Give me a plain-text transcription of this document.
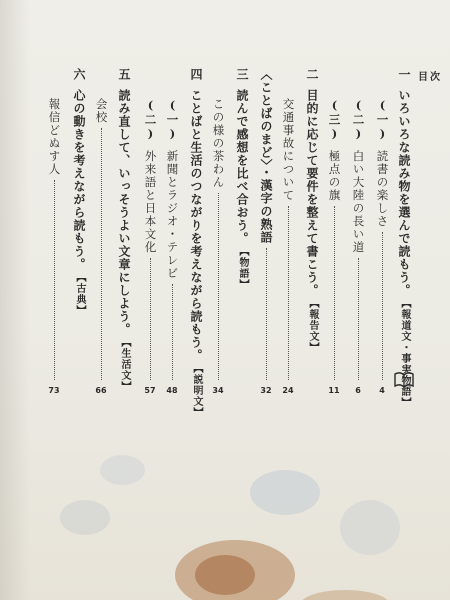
目次
一いろいろな読み物を選んで読もう。【報道文・事実物語】
(一)読書の楽しさ
(二)白い大陸の長い道
(三)極点の旗
二目的に応じて要件を整えて書こう。【報告文】
交通事故について
〈ことばのまど〉・漢字の熟語
三読んで感想を比べ合おう。【物語】
この様の茶わん
四ことばと生活のつながりを考えながら読もう。【説明文】
(一)新聞とラジオ・テレビ
(二)外来語と日本文化
五読み直して、いっそうよい文章にしよう。【生活文】
会校
六心の動きを考えながら読もう。【古典】
報信どぬす人
4
6
11
24
32
34
48
57
66
73
